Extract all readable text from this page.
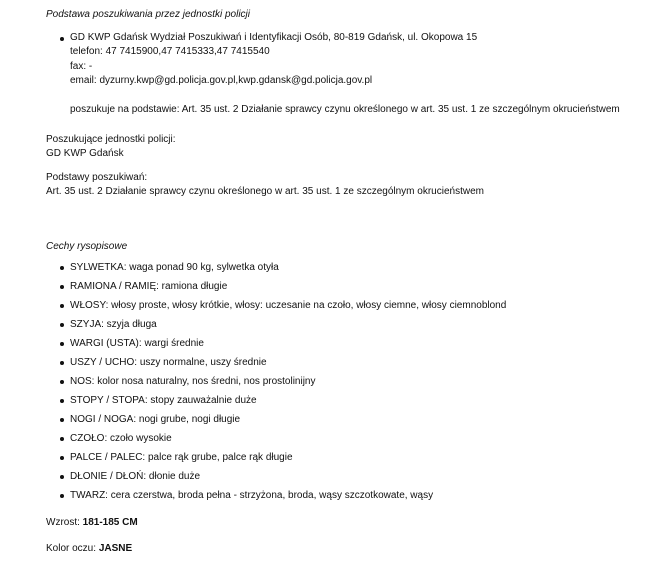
Podstawa poszukiwania przez jednostki policji
GD KWP Gdańsk Wydział Poszukiwań i Identyfikacji Osób, 80-819 Gdańsk, ul. Okopowa 15
telefon: 47 7415900,47 7415333,47 7415540
fax: -
email: dyzurny.kwp@gd.policja.gov.pl,kwp.gdansk@gd.policja.gov.pl
poszukuje na podstawie: Art. 35 ust. 2 Działanie sprawcy czynu określonego w art. 35 ust. 1 ze szczególnym okrucieństwem
Poszukujące jednostki policji:
GD KWP Gdańsk
Podstawy poszukiwań:
Art. 35 ust. 2 Działanie sprawcy czynu określonego w art. 35 ust. 1 ze szczególnym okrucieństwem
Cechy rysopisowe
SYLWETKA: waga ponad 90 kg, sylwetka otyła
RAMIONA / RAMIĘ: ramiona długie
WŁOSY: włosy proste, włosy krótkie, włosy: uczesanie na czoło, włosy ciemne, włosy ciemnoblond
SZYJA: szyja długa
WARGI (USTA): wargi średnie
USZY / UCHO: uszy normalne, uszy średnie
NOS: kolor nosa naturalny, nos średni, nos prostolinijny
STOPY / STOPA: stopy zauważalnie duże
NOGI / NOGA: nogi grube, nogi długie
CZOŁO: czoło wysokie
PALCE / PALEC: palce rąk grube, palce rąk długie
DŁONIE / DŁOŃ: dłonie duże
TWARZ: cera czerstwa, broda pełna - strzyżona, broda, wąsy szczotkowate, wąsy
Wzrost: 181-185 CM
Kolor oczu: JASNE
